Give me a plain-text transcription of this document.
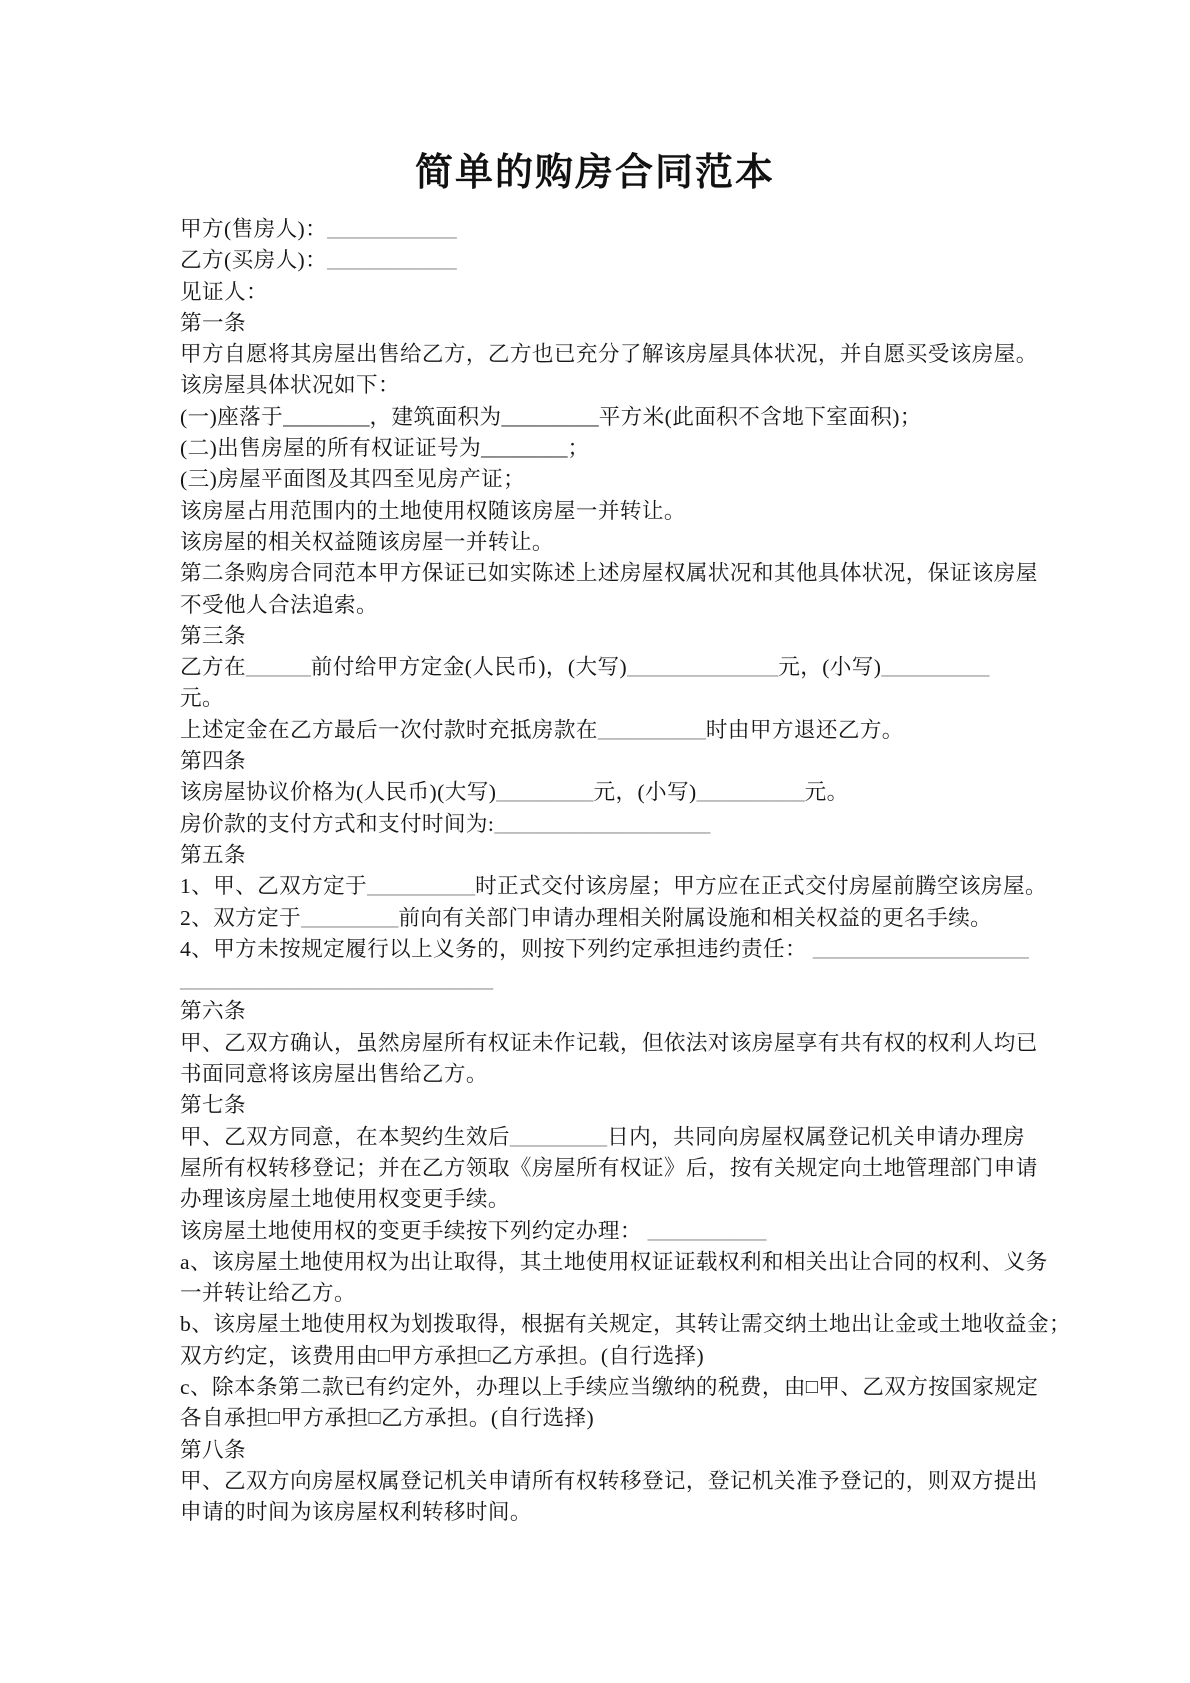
简单的购房合同范本
甲方(售房人)：____________
乙方(买房人)：____________
见证人：
第一条
甲方自愿将其房屋出售给乙方，乙方也已充分了解该房屋具体状况，并自愿买受该房屋。
该房屋具体状况如下：
(一)座落于________，建筑面积为_________平方米(此面积不含地下室面积)；
(二)出售房屋的所有权证证号为________；
(三)房屋平面图及其四至见房产证；
该房屋占用范围内的土地使用权随该房屋一并转让。
该房屋的相关权益随该房屋一并转让。
第二条购房合同范本甲方保证已如实陈述上述房屋权属状况和其他具体状况，保证该房屋
不受他人合法追索。
第三条
乙方在______前付给甲方定金(人民币)，(大写)______________元，(小写)__________
元。
上述定金在乙方最后一次付款时充抵房款在__________时由甲方退还乙方。
第四条
该房屋协议价格为(人民币)(大写)_________元，(小写)__________元。
房价款的支付方式和支付时间为:____________________
第五条
1、甲、乙双方定于__________时正式交付该房屋；甲方应在正式交付房屋前腾空该房屋。
2、双方定于_________前向有关部门申请办理相关附属设施和相关权益的更名手续。
4、甲方未按规定履行以上义务的，则按下列约定承担违约责任： ____________________
_____________________________
第六条
甲、乙双方确认，虽然房屋所有权证未作记载，但依法对该房屋享有共有权的权利人均已
书面同意将该房屋出售给乙方。
第七条
甲、乙双方同意，在本契约生效后_________日内，共同向房屋权属登记机关申请办理房
屋所有权转移登记；并在乙方领取《房屋所有权证》后，按有关规定向土地管理部门申请
办理该房屋土地使用权变更手续。
该房屋土地使用权的变更手续按下列约定办理： ___________
a、该房屋土地使用权为出让取得，其土地使用权证证载权利和相关出让合同的权利、义务
一并转让给乙方。
b、该房屋土地使用权为划拨取得，根据有关规定，其转让需交纳土地出让金或土地收益金；
双方约定，该费用由□甲方承担□乙方承担。(自行选择)
c、除本条第二款已有约定外，办理以上手续应当缴纳的税费，由□甲、乙双方按国家规定
各自承担□甲方承担□乙方承担。(自行选择)
第八条
甲、乙双方向房屋权属登记机关申请所有权转移登记，登记机关准予登记的，则双方提出
申请的时间为该房屋权利转移时间。
